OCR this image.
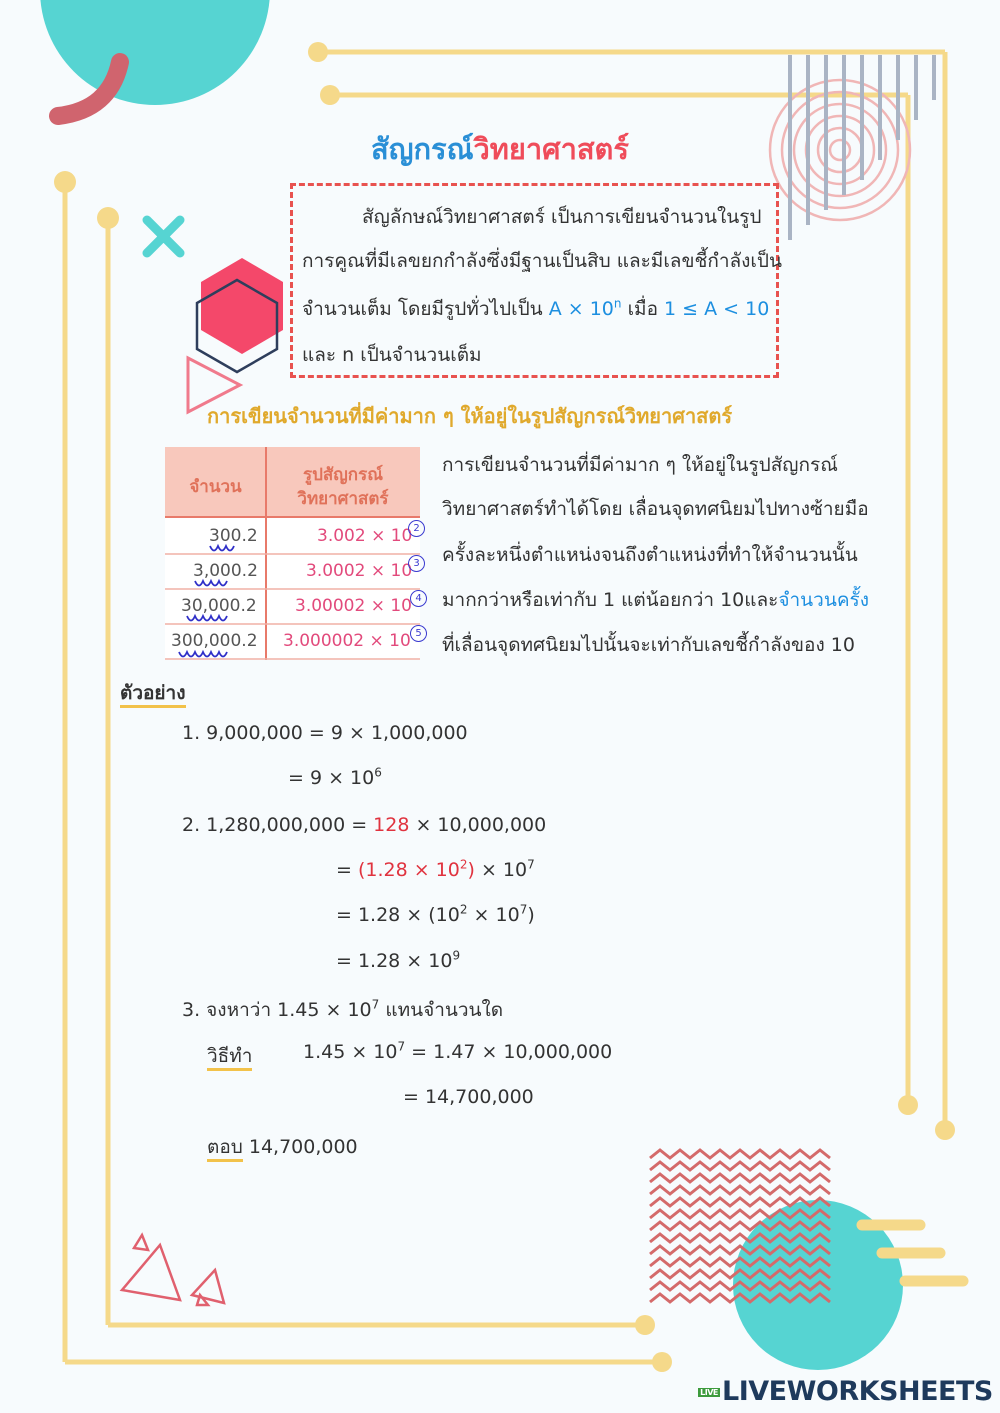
สัญกรณ์วิทยาศาสตร์
สัญลักษณ์วิทยาศาสตร์ เป็นการเขียนจำนวนในรูป
การคูณที่มีเลขยกกำลังซึ่งมีฐานเป็นสิบ และมีเลขชี้กำลังเป็น
จำนวนเต็ม โดยมีรูปทั่วไปเป็น $A \times 10^n$ เมื่อ 1 ≤ A < 10
และ n เป็นจำนวนเต็ม
การเขียนจำนวนที่มีค่ามาก ๆ ให้อยู่ในรูปสัญกรณ์วิทยาศาสตร์
จำนวน
รูปสัญกรณ์
วิทยาศาสตร์
300.2	3.002 × 10 2
3,000.2	3.0002 × 10 3
30,000.2 3.00002 × 10 4
300,000.2 3.000002 × 10 5
การเขียนจำนวนที่มีค่ามาก ๆ ให้อยู่ในรูปสัญกรณ์
วิทยาศาสตร์ทำได้โดย เลื่อนจุดทศนิยมไปทางซ้ายมือ
ครั้งละหนึ่งตำแหน่งจนถึงตำแหน่งที่ทำให้จำนวนนั้น
มากกว่าหรือเท่ากับ 1 แต่น้อยกว่า 10และจำนวนครั้ง
ที่เลื่อนจุดทศนิยมไปนั้นจะเท่ากับเลขชี้กำลังของ 10
ตัวอย่าง
1. 9,000,000 = 9 × 1,000,000
= $9 \times 10^6$
2. 1,280,000,000 = 128 × 10,000,000
= $(1.28 \times 10^2) \times 10^7$
= $1.28 \times (10^2 \times 10^7)$
= $1.28 \times 10^9$
3. จงหาว่า $1.45 \times 10^7$ แทนจำนวนใด
วิธีทำ	$1.45 \times 10^7 = 1.47 \times 10,000,000$
= 14,700,000
ตอบ 14,700,000
LIVE LIVEWORKSHEETS
